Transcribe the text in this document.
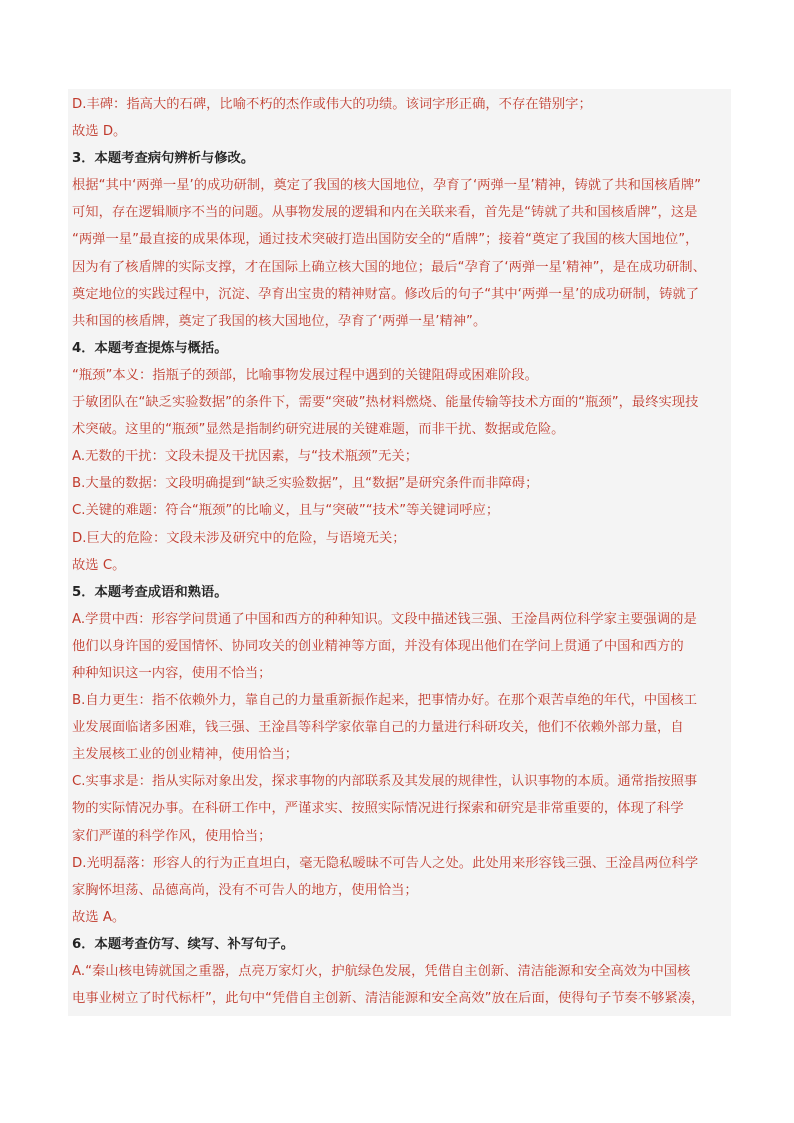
D.丰碑：指高大的石碑，比喻不朽的杰作或伟大的功绩。该词字形正确，不存在错别字；
故选 D。
3．本题考查病句辨析与修改。
根据“其中‘两弹一星’的成功研制，奠定了我国的核大国地位，孕育了‘两弹一星’精神，铸就了共和国核盾牌”
可知，存在逻辑顺序不当的问题。从事物发展的逻辑和内在关联来看，首先是“铸就了共和国核盾牌”，这是
“两弹一星”最直接的成果体现，通过技术突破打造出国防安全的“盾牌”；接着“奠定了我国的核大国地位”，
因为有了核盾牌的实际支撑，才在国际上确立核大国的地位；最后“孕育了‘两弹一星’精神”，是在成功研制、
奠定地位的实践过程中，沉淀、孕育出宝贵的精神财富。修改后的句子“其中‘两弹一星’的成功研制，铸就了
共和国的核盾牌，奠定了我国的核大国地位，孕育了‘两弹一星’精神”。
4．本题考查提炼与概括。
“瓶颈”本义：指瓶子的颈部，比喻事物发展过程中遇到的关键阻碍或困难阶段。
于敏团队在“缺乏实验数据”的条件下，需要“突破”热材料燃烧、能量传输等技术方面的“瓶颈”，最终实现技
术突破。这里的“瓶颈”显然是指制约研究进展的关键难题，而非干扰、数据或危险。
A.无数的干扰：文段未提及干扰因素，与“技术瓶颈”无关；
B.大量的数据：文段明确提到“缺乏实验数据”，且“数据”是研究条件而非障碍；
C.关键的难题：符合“瓶颈”的比喻义，且与“突破”“技术”等关键词呼应；
D.巨大的危险：文段未涉及研究中的危险，与语境无关；
故选 C。
5．本题考查成语和熟语。
A.学贯中西：形容学问贯通了中国和西方的种种知识。文段中描述钱三强、王淦昌两位科学家主要强调的是
他们以身许国的爱国情怀、协同攻关的创业精神等方面，并没有体现出他们在学问上贯通了中国和西方的
种种知识这一内容，使用不恰当；
B.自力更生：指不依赖外力，靠自己的力量重新振作起来，把事情办好。在那个艰苦卓绝的年代，中国核工
业发展面临诸多困难，钱三强、王淦昌等科学家依靠自己的力量进行科研攻关，他们不依赖外部力量，自
主发展核工业的创业精神，使用恰当；
C.实事求是：指从实际对象出发，探求事物的内部联系及其发展的规律性，认识事物的本质。通常指按照事
物的实际情况办事。在科研工作中，严谨求实、按照实际情况进行探索和研究是非常重要的，体现了科学
家们严谨的科学作风，使用恰当；
D.光明磊落：形容人的行为正直坦白，毫无隐私暧昧不可告人之处。此处用来形容钱三强、王淦昌两位科学
家胸怀坦荡、品德高尚，没有不可告人的地方，使用恰当；
故选 A。
6．本题考查仿写、续写、补写句子。
A.“秦山核电铸就国之重器，点亮万家灯火，护航绿色发展，凭借自主创新、清洁能源和安全高效为中国核
电事业树立了时代标杆”，此句中“凭借自主创新、清洁能源和安全高效”放在后面，使得句子节奏不够紧凑，
